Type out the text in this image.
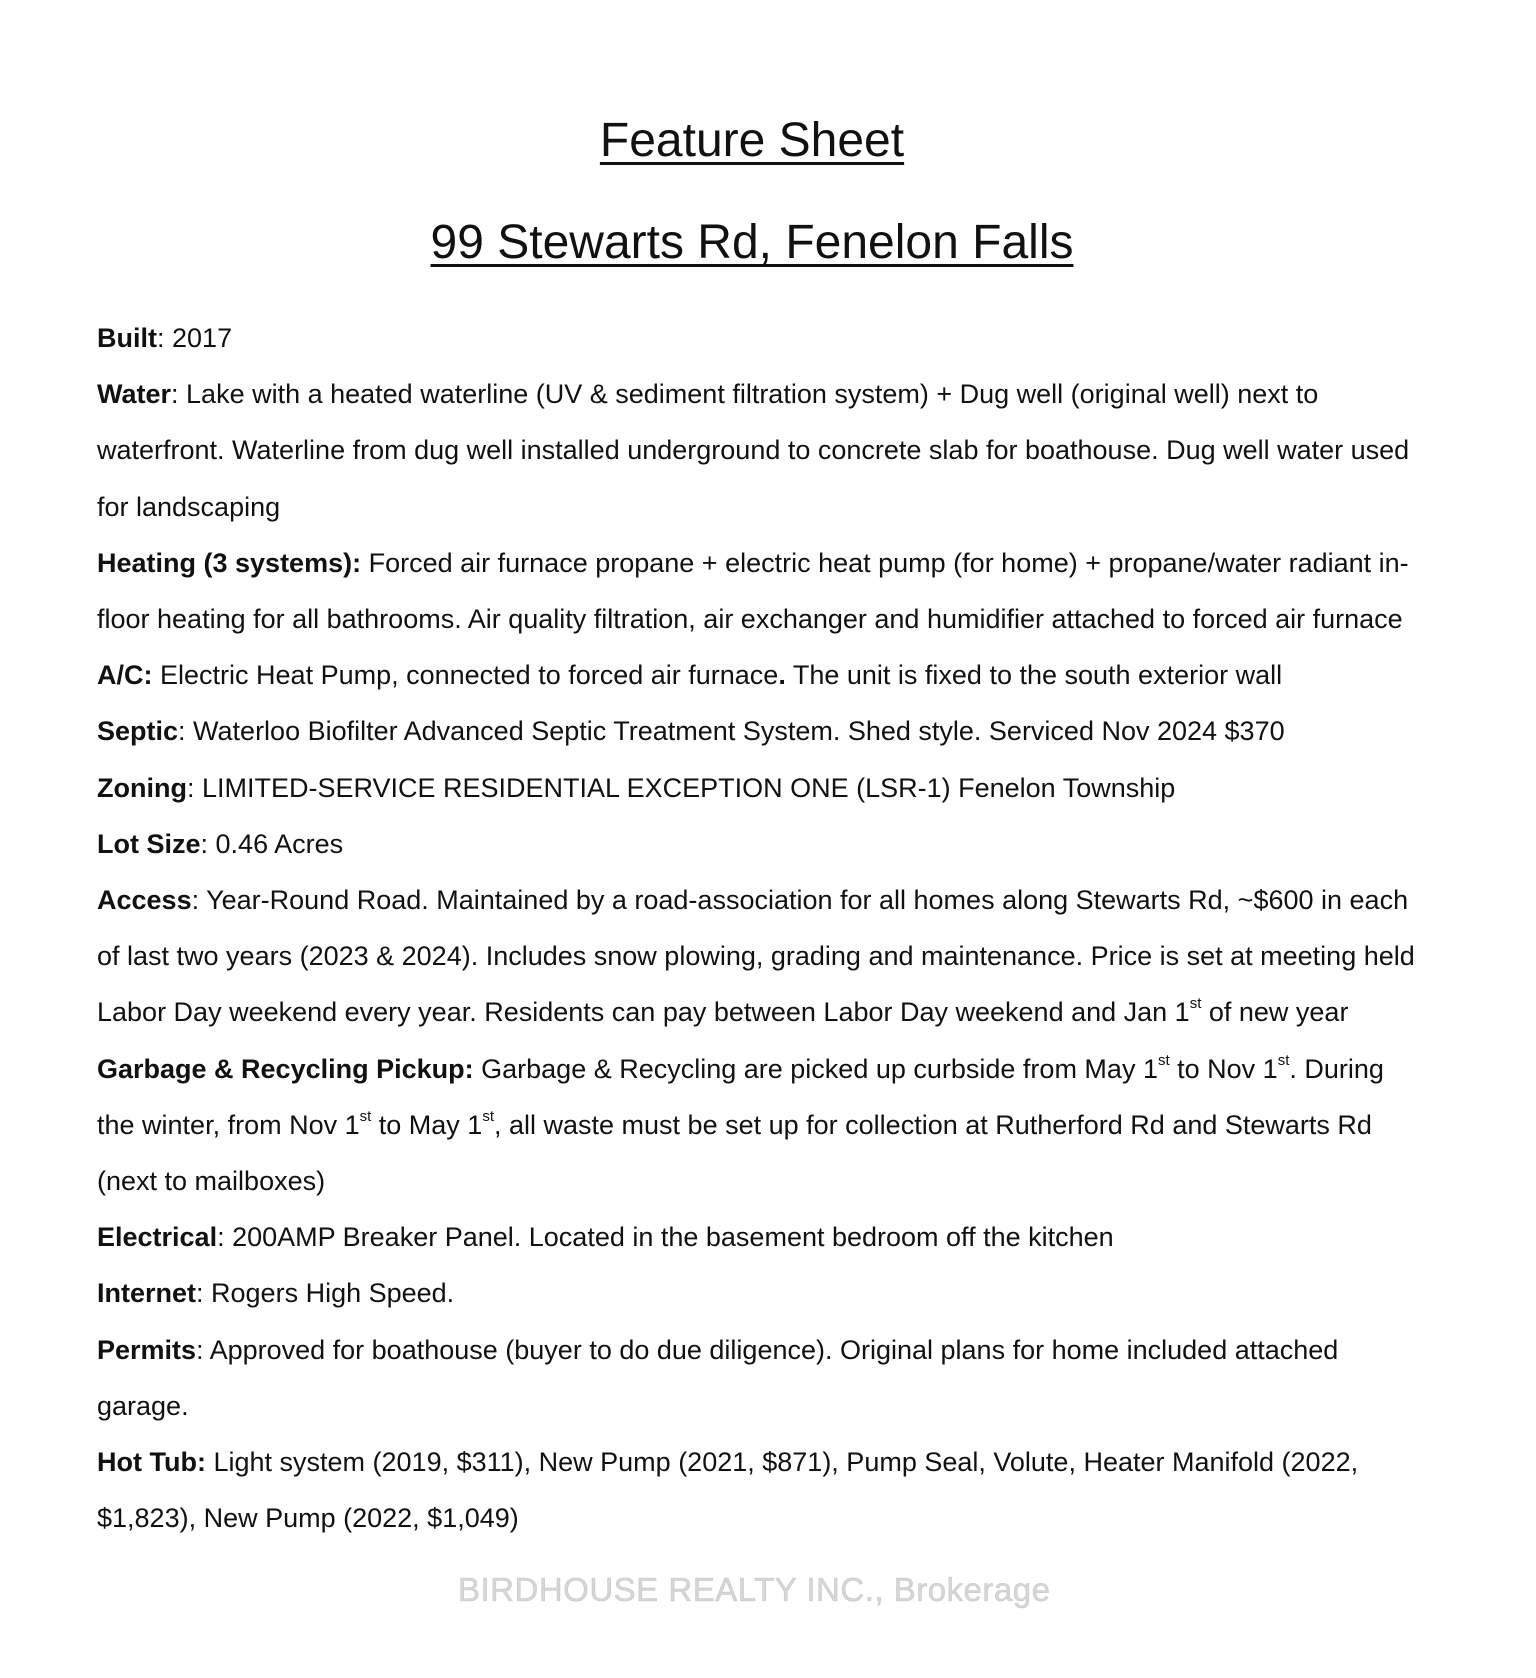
Feature Sheet
99 Stewarts Rd, Fenelon Falls

Built: 2017

Water: Lake with a heated waterline (UV & sediment filtration system) + Dug well (original well) next to waterfront. Waterline from dug well installed underground to concrete slab for boathouse. Dug well water used for landscaping

Heating (3 systems): Forced air furnace propane + electric heat pump (for home) + propane/water radiant in-floor heating for all bathrooms. Air quality filtration, air exchanger and humidifier attached to forced air furnace

A/C: Electric Heat Pump, connected to forced air furnace. The unit is fixed to the south exterior wall

Septic: Waterloo Biofilter Advanced Septic Treatment System. Shed style. Serviced Nov 2024 $370

Zoning: LIMITED-SERVICE RESIDENTIAL EXCEPTION ONE (LSR-1) Fenelon Township

Lot Size: 0.46 Acres

Access: Year-Round Road. Maintained by a road-association for all homes along Stewarts Rd, ~$600 in each of last two years (2023 & 2024). Includes snow plowing, grading and maintenance. Price is set at meeting held Labor Day weekend every year. Residents can pay between Labor Day weekend and Jan 1st of new year

Garbage & Recycling Pickup: Garbage & Recycling are picked up curbside from May 1st to Nov 1st. During the winter, from Nov 1st to May 1st, all waste must be set up for collection at Rutherford Rd and Stewarts Rd (next to mailboxes)

Electrical: 200AMP Breaker Panel. Located in the basement bedroom off the kitchen

Internet: Rogers High Speed.

Permits: Approved for boathouse (buyer to do due diligence). Original plans for home included attached garage.

Hot Tub: Light system (2019, $311), New Pump (2021, $871), Pump Seal, Volute, Heater Manifold (2022, $1,823), New Pump (2022, $1,049)

BIRDHOUSE REALTY INC., Brokerage
